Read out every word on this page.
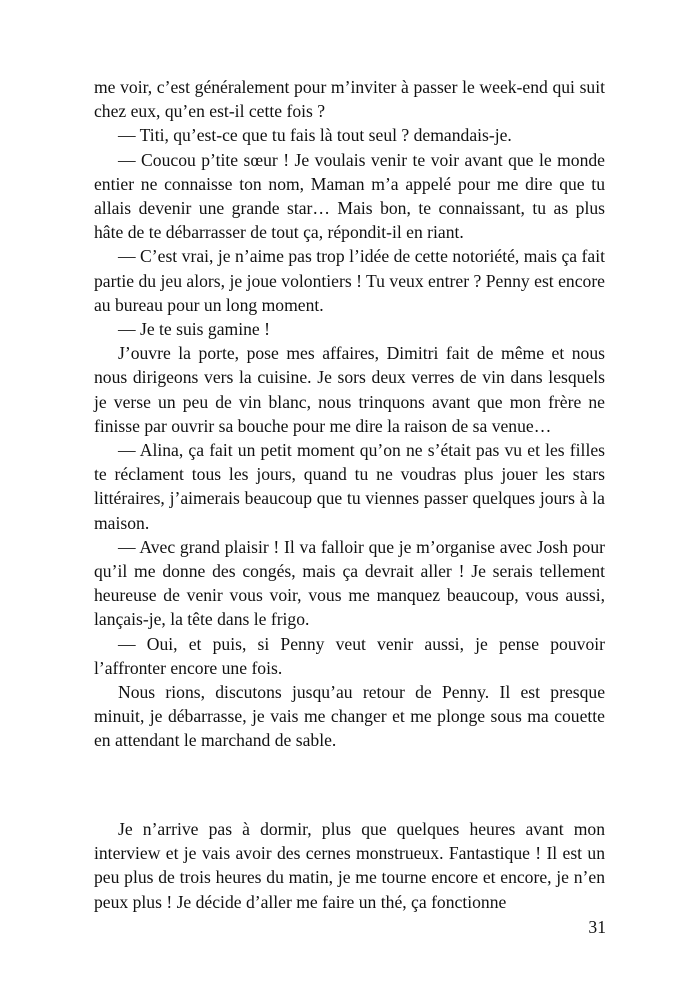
me voir, c’est généralement pour m’inviter à passer le week-end qui suit chez eux, qu’en est-il cette fois ?

— Titi, qu’est-ce que tu fais là tout seul ? demandais-je.

— Coucou p’tite sœur ! Je voulais venir te voir avant que le monde entier ne connaisse ton nom, Maman m’a appelé pour me dire que tu allais devenir une grande star… Mais bon, te connaissant, tu as plus hâte de te débarrasser de tout ça, répondit-il en riant.

— C’est vrai, je n’aime pas trop l’idée de cette notoriété, mais ça fait partie du jeu alors, je joue volontiers ! Tu veux entrer ? Penny est encore au bureau pour un long moment.

— Je te suis gamine !

J’ouvre la porte, pose mes affaires, Dimitri fait de même et nous nous dirigeons vers la cuisine. Je sors deux verres de vin dans lesquels je verse un peu de vin blanc, nous trinquons avant que mon frère ne finisse par ouvrir sa bouche pour me dire la raison de sa venue…

— Alina, ça fait un petit moment qu’on ne s’était pas vu et les filles te réclament tous les jours, quand tu ne voudras plus jouer les stars littéraires, j’aimerais beaucoup que tu viennes passer quelques jours à la maison.

— Avec grand plaisir ! Il va falloir que je m’organise avec Josh pour qu’il me donne des congés, mais ça devrait aller ! Je serais tellement heureuse de venir vous voir, vous me manquez beaucoup, vous aussi, lançais-je, la tête dans le frigo.

— Oui, et puis, si Penny veut venir aussi, je pense pouvoir l’affronter encore une fois.

Nous rions, discutons jusqu’au retour de Penny. Il est presque minuit, je débarrasse, je vais me changer et me plonge sous ma couette en attendant le marchand de sable.

Je n’arrive pas à dormir, plus que quelques heures avant mon interview et je vais avoir des cernes monstrueux. Fantastique ! Il est un peu plus de trois heures du matin, je me tourne encore et encore, je n’en peux plus ! Je décide d’aller me faire un thé, ça fonctionne

31
